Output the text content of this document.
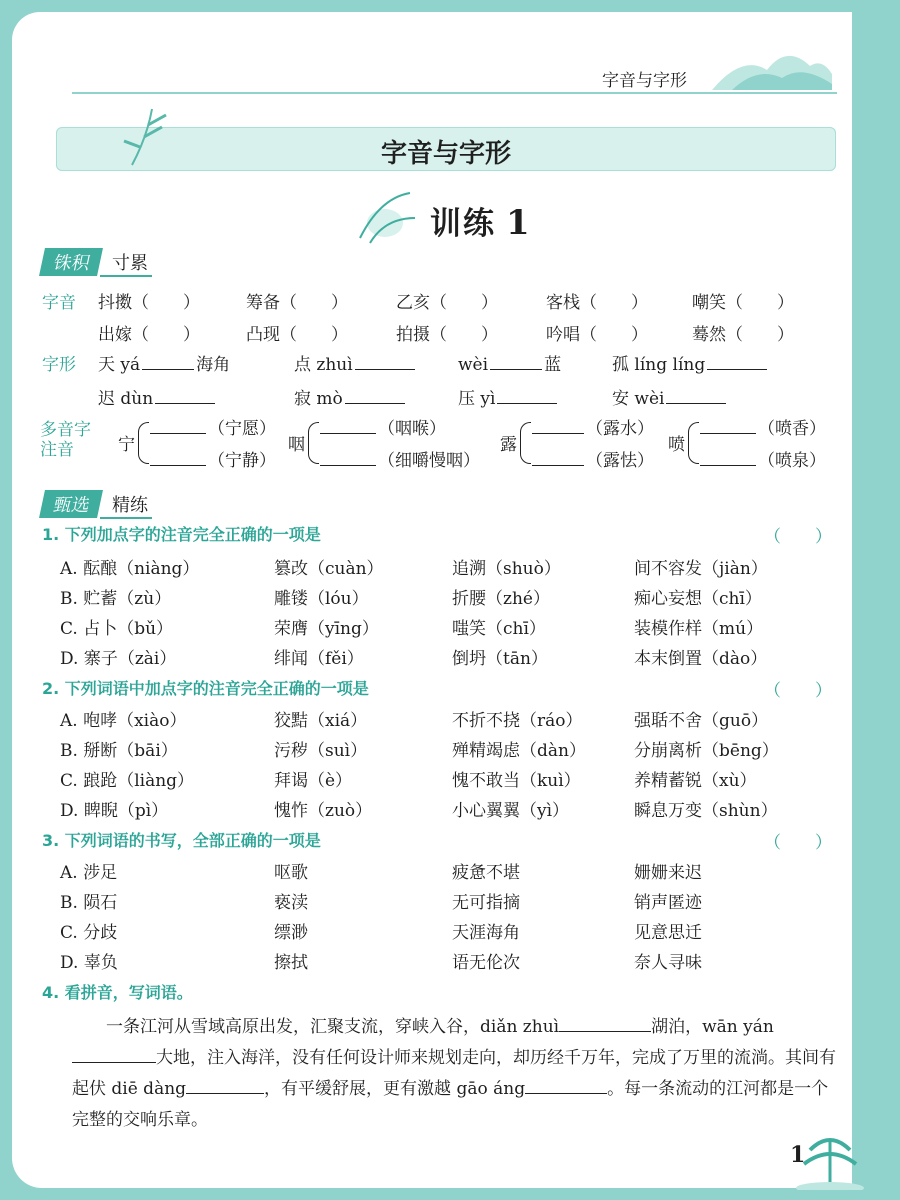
字音与字形
字音与字形
训练 1
铢积 寸累
字音 抖擞（　　）	筹备（　　）	乙亥（　　）	客栈（　　）	嘲笑（　　）
出嫁（　　）	凸现（　　）	拍摄（　　）	吟唱（　　）	蓦然（　　）
字形 天 yá	海角	点 zhuì	wèi	蓝	孤 líng líng
迟 dùn	寂 mò	压 yì	安 wèi
多音字
注音	宁
（宁愿）
（宁静）
咽
（咽喉）
（细嚼慢咽）
露
（露水）
（露怯）
喷
（喷香）
（喷泉）
甄选 精练
1. 下列加点字的注音完全正确的一项是	（　　）
A. 酝酿（niàng）	篡改（cuàn）	追溯（shuò）	间不容发（jiàn）
B. 贮蓄（zù）	雕镂（lóu）	折腰（zhé）	痴心妄想（chī）
C. 占卜（bǔ）	荣膺（yīng）	嗤笑（chī）	装模作样（mú）
D. 寨子（zài）	绯闻（fěi）	倒坍（tān）	本末倒置（dào）
2. 下列词语中加点字的注音完全正确的一项是	（　　）
A. 咆哮（xiào）	狡黠（xiá）	不折不挠（ráo）	强聒不舍（guō）
B. 掰断（bāi）	污秽（suì）	殚精竭虑（dàn）	分崩离析（bēng）
C. 踉跄（liàng）	拜谒（è）	愧不敢当（kuì）	养精蓄锐（xù）
D. 睥睨（pì）	愧怍（zuò）	小心翼翼（yì）	瞬息万变（shùn）
3. 下列词语的书写，全部正确的一项是	（　　）
A. 涉足	呕歌	疲惫不堪	姗姗来迟
B. 陨石	亵渎	无可指摘	销声匿迹
C. 分歧	缥渺	天涯海角	见意思迁
D. 辜负	擦拭	语无伦次	奈人寻味
4. 看拼音，写词语。
一条江河从雪域高原出发，汇聚支流，穿峡入谷，diǎn zhuì	湖泊，wān yán大地，注入海洋，没有任何设计师来规划走向，却历经千万年，完成了万里的流淌。其间有起伏 diē dàng	，有平缓舒展，更有激越 gāo áng	。每一条流动的江河都是一个完整的交响乐章。
1
